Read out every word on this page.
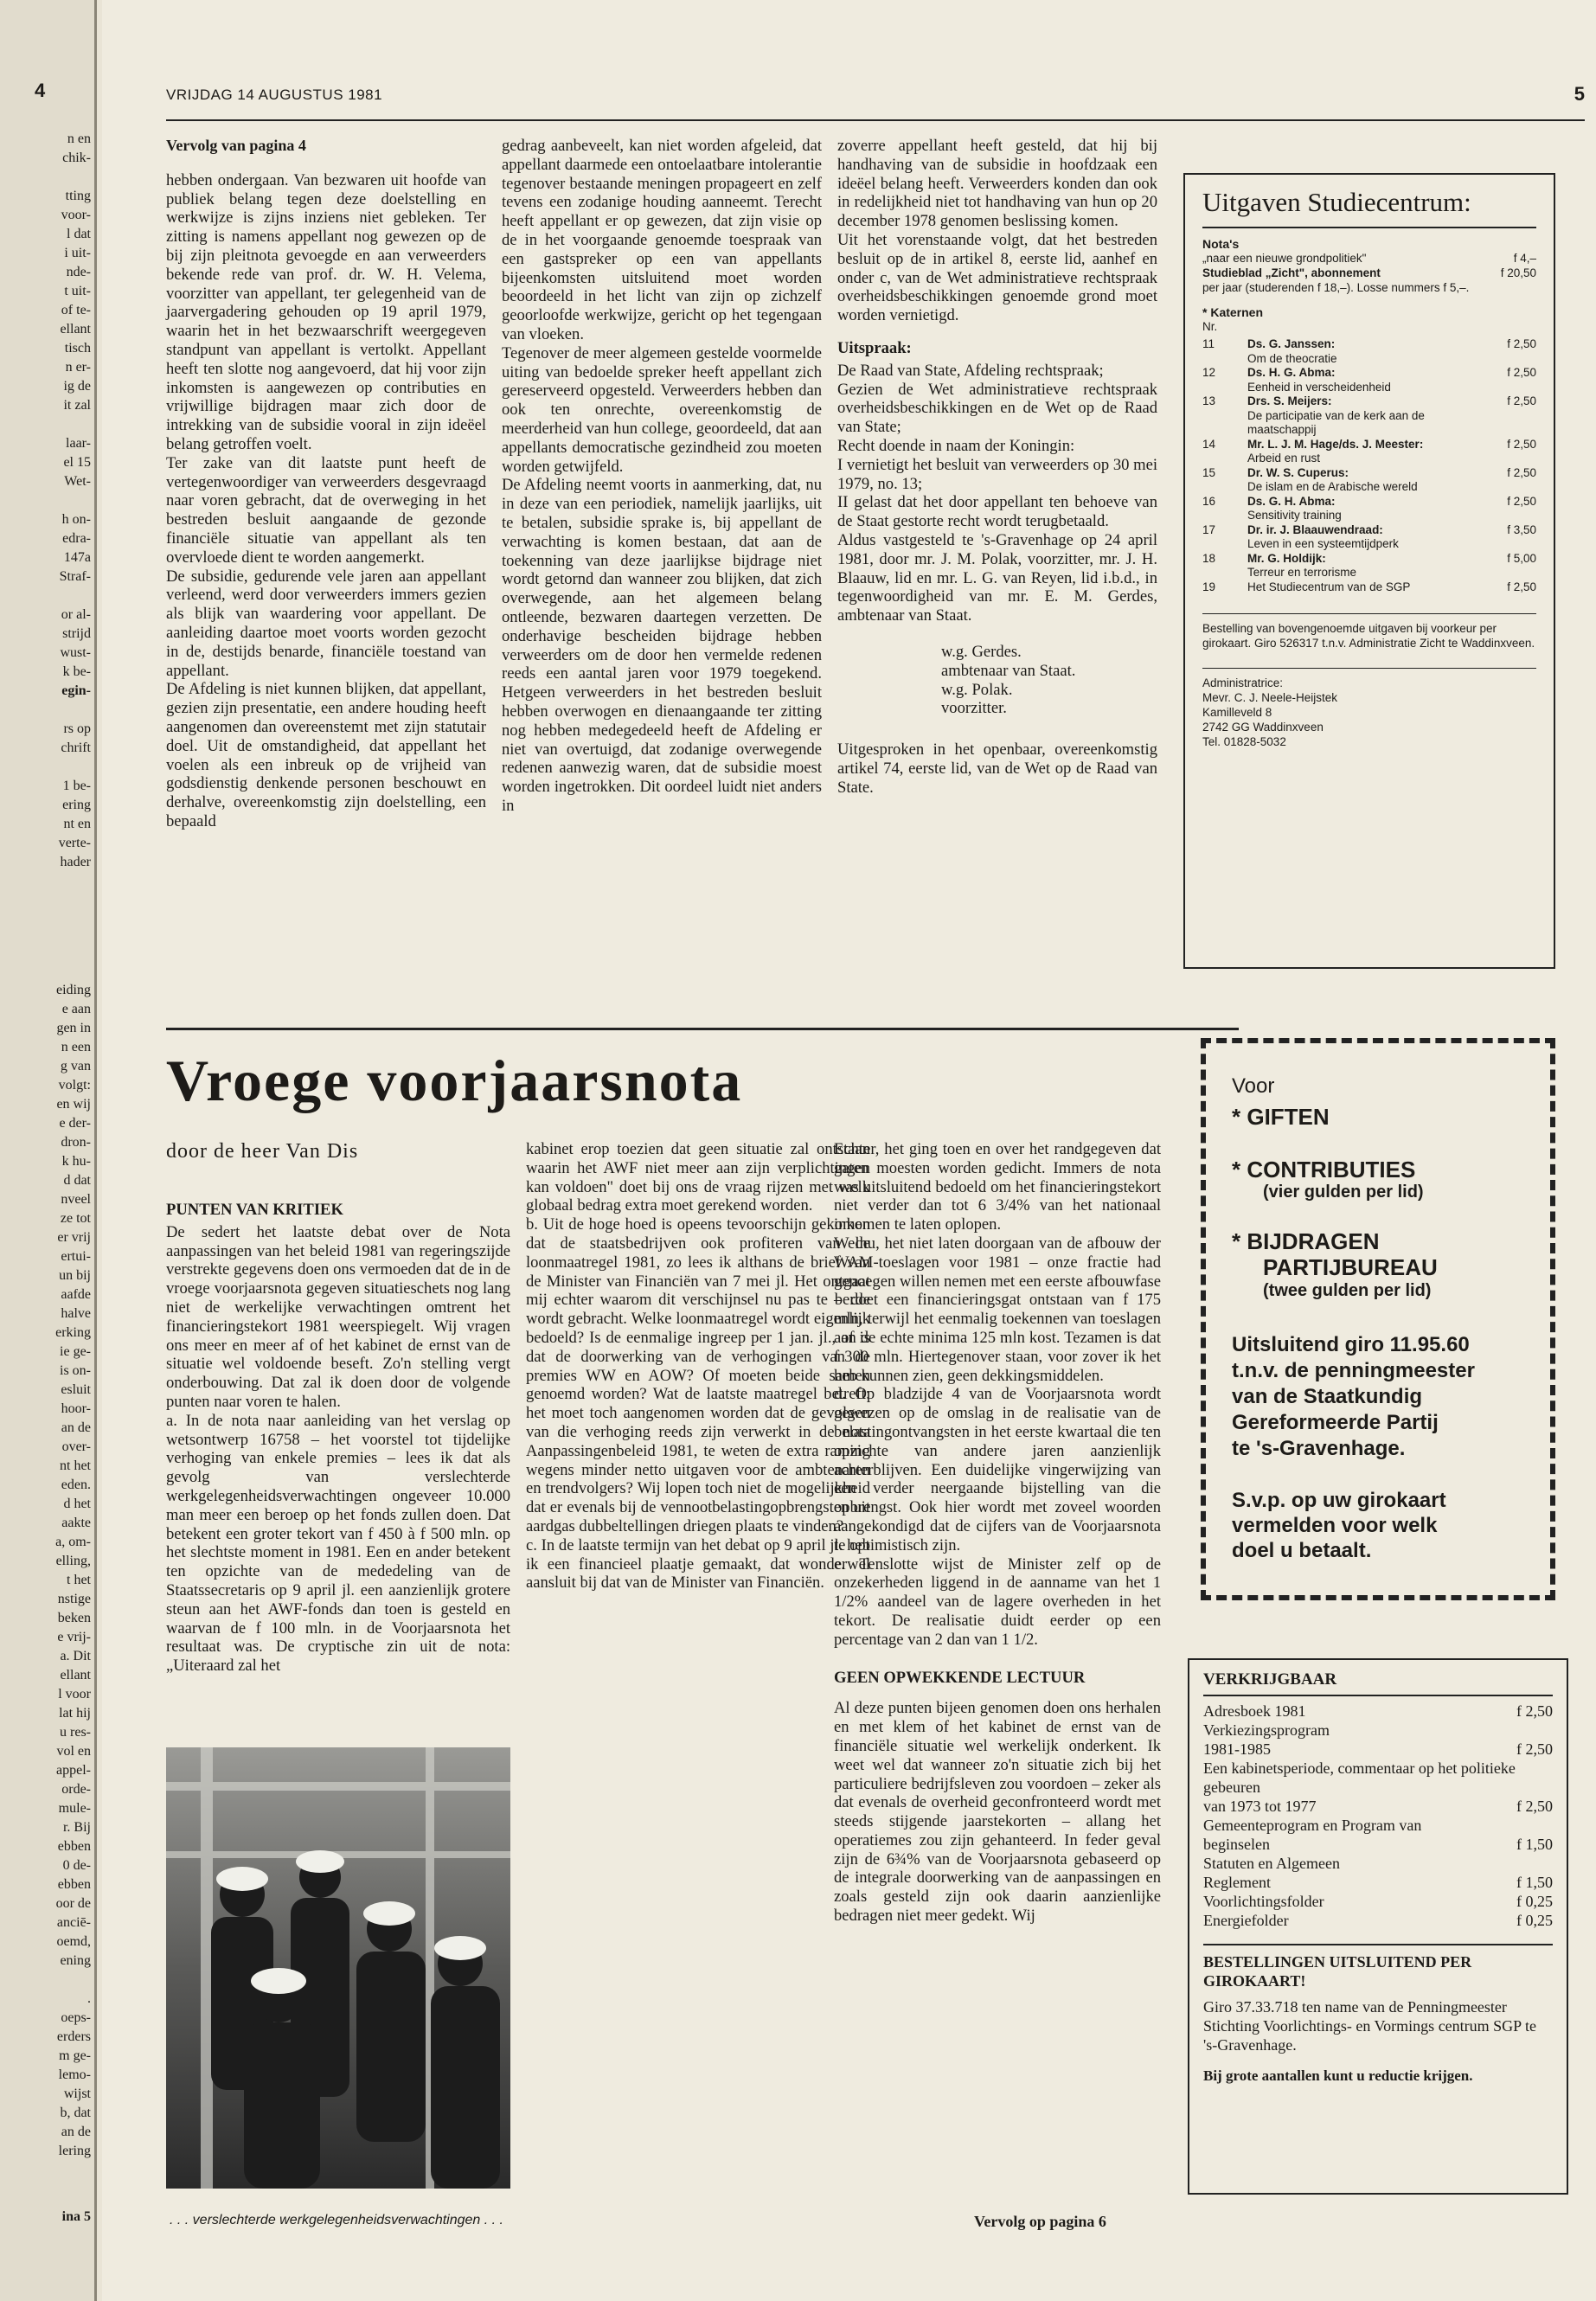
4
n en
chik-
tting
voor-
l dat
i uit-
nde-
t uit-
of te-
ellant
tisch
n er-
ig de
it zal
laar-
el 15
Wet-
h on-
edra-
147a
Straf-
or al-
strijd
wust-
k be-
egin-
rs op
chrift
1 be-
ering
nt en
verte-
hader
eiding
e aan
gen in
n een
g van
volgt:
en wij
e der-
dron-
k hu-
d dat
nveel
ze tot
er vrij
ertui-
un bij
aafde
halve
erking
ie ge-
is on-
esluit
hoor-
an de
over-
nt het
eden.
d het
aakte
a, om-
elling,
t het
nstige
beken
e vrij-
a. Dit
ellant
l voor
lat hij
u res-
vol en
appel-
orde-
mule-
r. Bij
ebben
0 de-
ebben
oor de
anciē-
oemd,
ening
.
oeps-
erders
m ge-
lemo-
wijst
b, dat
an de
lering
ina 5
VRIJDAG 14 AUGUSTUS 1981	5
Vervolg van pagina 4

hebben ondergaan. Van bezwaren uit hoofde van publiek belang tegen deze doelstelling en werkwijze is zijns inziens niet gebleken. Ter zitting is namens appellant nog gewezen op de bij zijn pleitnota gevoegde en aan verweerders bekende rede van prof. dr. W. H. Velema, voorzitter van appellant, ter gelegenheid van de jaarvergadering gehouden op 19 april 1979, waarin het in het bezwaarschrift weergegeven standpunt van appellant is vertolkt. Appellant heeft ten slotte nog aangevoerd, dat hij voor zijn inkomsten is aangewezen op contributies en vrijwillige bijdragen maar zich door de intrekking van de subsidie vooral in zijn ideëel belang getroffen voelt.

Ter zake van dit laatste punt heeft de vertegenwoordiger van verweerders desgevraagd naar voren gebracht, dat de overweging in het bestreden besluit aangaande de gezonde financiële situatie van appellant als ten overvloede dient te worden aangemerkt.

De subsidie, gedurende vele jaren aan appellant verleend, werd door verweerders immers gezien als blijk van waardering voor appellant. De aanleiding daartoe moet voorts worden gezocht in de, destijds benarde, financiële toestand van appellant.

De Afdeling is niet kunnen blijken, dat appellant, gezien zijn presentatie, een andere houding heeft aangenomen dan overeenstemt met zijn statutair doel. Uit de omstandigheid, dat appellant het voelen als een inbreuk op de vrijheid van godsdienstig denkende personen beschouwt en derhalve, overeenkomstig zijn doelstelling, een bepaald

gedrag aanbeveelt, kan niet worden afgeleid, dat appellant daarmede een ontoelaatbare intolerantie tegenover bestaande meningen propageert en zelf tevens een zodanige houding aanneemt. Terecht heeft appellant er op gewezen, dat zijn visie op de in het voorgaande genoemde toespraak van een gastspreker op een van appellants bijeenkomsten uitsluitend moet worden beoordeeld in het licht van zijn op zichzelf geoorloofde werkwijze, gericht op het tegengaan van vloeken.

Tegenover de meer algemeen gestelde voormelde uiting van bedoelde spreker heeft appellant zich gereserveerd opgesteld. Verweerders hebben dan ook ten onrechte, overeenkomstig de meerderheid van hun college, geoordeeld, dat aan appellants democratische gezindheid zou moeten worden getwijfeld.

De Afdeling neemt voorts in aanmerking, dat, nu in deze van een periodiek, namelijk jaarlijks, uit te betalen, subsidie sprake is, bij appellant de verwachting is komen bestaan, dat aan de toekenning van deze jaarlijkse bijdrage niet wordt getornd dan wanneer zou blijken, dat zich overwegende, aan het algemeen belang ontleende, bezwaren daartegen verzetten. De onderhavige bescheiden bijdrage hebben verweerders om de door hen vermelde redenen reeds een aantal jaren voor 1979 toegekend. Hetgeen verweerders in het bestreden besluit hebben overwogen en dienaangaande ter zitting nog hebben medegedeeld heeft de Afdeling er niet van overtuigd, dat zodanige overwegende redenen aanwezig waren, dat de subsidie moest worden ingetrokken. Dit oordeel luidt niet anders in

zoverre appellant heeft gesteld, dat hij bij handhaving van de subsidie in hoofdzaak een ideëel belang heeft. Verweerders konden dan ook in redelijkheid niet tot handhaving van hun op 20 december 1978 genomen beslissing komen.

Uit het vorenstaande volgt, dat het bestreden besluit op de in artikel 8, eerste lid, aanhef en onder c, van de Wet administratieve rechtspraak overheidsbeschikkingen genoemde grond moet worden vernietigd.

Uitspraak:

De Raad van State, Afdeling rechtspraak;

Gezien de Wet administratieve rechtspraak overheidsbeschikkingen en de Wet op de Raad van State;

Recht doende in naam der Koningin:

I vernietigt het besluit van verweerders op 30 mei 1979, no. 13;

II gelast dat het door appellant ten behoeve van de Staat gestorte recht wordt terugbetaald.

Aldus vastgesteld te 's-Gravenhage op 24 april 1981, door mr. J. M. Polak, voorzitter, mr. J. H. Blaauw, lid en mr. L. G. van Reyen, lid i.b.d., in tegenwoordigheid van mr. E. M. Gerdes, ambtenaar van Staat.

w.g. Gerdes.
ambtenaar van Staat.
w.g. Polak.
voorzitter.

Uitgesproken in het openbaar, overeenkomstig artikel 74, eerste lid, van de Wet op de Raad van State.

Uitgaven Studiecentrum:
Nota's
„naar een nieuwe grondpolitiek"	f 4,–
Studieblad „Zicht", abonnement	f 20,50
per jaar (studerenden f 18,–). Losse nummers f 5,–.
* Katernen
Nr.
11	Ds. G. Janssen:
Om de theocratie	f 2,50
12	Ds. H. G. Abma:
Eenheid in verscheidenheid	f 2,50
13	Drs. S. Meijers:
De participatie van de kerk aan de maatschappij	f 2,50
14	Mr. L. J. M. Hage/ds. J. Meester:
Arbeid en rust	f 2,50
15	Dr. W. S. Cuperus:
De islam en de Arabische wereld	f 2,50
16	Ds. G. H. Abma:
Sensitivity training	f 2,50
17	Dr. ir. J. Blaauwendraad:
Leven in een systeemtijdperk	f 3,50
18	Mr. G. Holdijk:
Terreur en terrorisme	f 5,00
19	Het Studiecentrum van de SGP	f 2,50
Bestelling van bovengenoemde uitgaven bij voorkeur per girokaart. Giro 526317 t.n.v. Administratie Zicht te Waddinxveen.
Administratrice:
Mevr. C. J. Neele-Heijstek
Kamilleveld 8
2742 GG Waddinxveen
Tel. 01828-5032
Vroege voorjaarsnota
door de heer Van Dis
PUNTEN VAN KRITIEK

De sedert het laatste debat over de Nota aanpassingen van het beleid 1981 van regeringszijde verstrekte gegevens doen ons vermoeden dat de in de vroege voorjaarsnota gegeven situatieschets nog lang niet de werkelijke verwachtingen omtrent het financieringstekort 1981 weerspiegelt. Wij vragen ons meer en meer af of het kabinet de ernst van de situatie wel voldoende beseft. Zo'n stelling vergt onderbouwing. Dat zal ik doen door de volgende punten naar voren te halen.

a. In de nota naar aanleiding van het verslag op wetsontwerp 16758 – het voorstel tot tijdelijke verhoging van enkele premies – lees ik dat als gevolg van verslechterde werkgelegenheidsverwachtingen ongeveer 10.000 man meer een beroep op het fonds zullen doen. Dat betekent een groter tekort van f 450 à f 500 mln. op het slechtste moment in 1981. Een en ander betekent ten opzichte van de mededeling van de Staatssecretaris op 9 april jl. een aanzienlijk grotere steun aan het AWF-fonds dan toen is gesteld en waarvan de f 100 mln. in de Voorjaarsnota het resultaat was. De cryptische zin uit de nota: „Uiteraard zal het

kabinet erop toezien dat geen situatie zal ontstaan waarin het AWF niet meer aan zijn verplichtingen kan voldoen" doet bij ons de vraag rijzen met welk globaal bedrag extra moet gerekend worden.

b. Uit de hoge hoed is opeens tevoorschijn gekomen dat de staatsbedrijven ook profiteren van de loonmaatregel 1981, zo lees ik althans de brief van de Minister van Financiën van 7 mei jl. Het ontgaat mij echter waarom dit verschijnsel nu pas te berde wordt gebracht. Welke loonmaatregel wordt eigenlijk bedoeld? Is de eenmalige ingreep per 1 jan. jl., of is dat de doorwerking van de verhogingen van de premies WW en AOW? Of moeten beide samen genoemd worden? Wat de laatste maatregel betreft: het moet toch aangenomen worden dat de gevolgen van die verhoging reeds zijn verwerkt in de nota Aanpassingenbeleid 1981, te weten de extra raming wegens minder netto uitgaven voor de ambtenaren en trendvolgers? Wij lopen toch niet de mogelijkheid dat er evenals bij de vennootbelastingopbrengsten uit aardgas dubbeltellingen driegen plaats te vinden?

c. In de laatste termijn van het debat op 9 april jl. heb ik een financieel plaatje gemaakt, dat wonderwel aansluit bij dat van de Minister van Financiën.

Echter, het ging toen en over het randgegeven dat gaten moesten worden gedicht. Immers de nota was uitsluitend bedoeld om het financieringstekort niet verder dan tot 6 3/4% van het nationaal inkomen te laten oplopen.

Welnu, het niet laten doorgaan van de afbouw der WAM-toeslagen voor 1981 – onze fractie had genoegen willen nemen met een eerste afbouwfase – doet een financieringsgat ontstaan van f 175 mln, terwijl het eenmalig toekennen van toeslagen aan de echte minima 125 mln kost. Tezamen is dat f 300 mln. Hiertegenover staan, voor zover ik het heb kunnen zien, geen dekkingsmiddelen.

d. Op bladzijde 4 van de Voorjaarsnota wordt gewezen op de omslag in de realisatie van de belastingontvangsten in het eerste kwartaal die ten opzichte van andere jaren aanzienlijk achterblijven. Een duidelijke vingerwijzing van een verder neergaande bijstelling van die opbrengst. Ook hier wordt met zoveel woorden aangekondigd dat de cijfers van de Voorjaarsnota te optimistisch zijn.

e. Tenslotte wijst de Minister zelf op de onzekerheden liggend in de aanname van het 1 1/2% aandeel van de lagere overheden in het tekort. De realisatie duidt eerder op een percentage van 2 dan van 1 1/2.

GEEN OPWEKKENDE LECTUUR

Al deze punten bijeen genomen doen ons herhalen en met klem of het kabinet de ernst van de financiële situatie wel werkelijk onderkent. Ik weet wel dat wanneer zo'n situatie zich bij het particuliere bedrijfsleven zou voordoen – zeker als dat evenals de overheid geconfronteerd wordt met steeds stijgende jaarstekorten – allang het operatiemes zou zijn gehanteerd. In feder geval zijn de 6¾% van de Voorjaarsnota gebaseerd op de integrale doorwerking van de aanpassingen en zoals gesteld zijn ook daarin aanzienlijke bedragen niet meer gedekt. Wij

. . . verslechterde werkgelegenheidsverwachtingen . . .	Vervolg op pagina 6
Voor
* GIFTEN
* CONTRIBUTIES
(vier gulden per lid)
* BIJDRAGEN
PARTIJBUREAU
(twee gulden per lid)
Uitsluitend giro 11.95.60
t.n.v. de penningmeester
van de Staatkundig
Gereformeerde Partij
te 's-Gravenhage.
S.v.p. op uw girokaart
vermelden voor welk
doel u betaalt.
VERKRIJGBAAR
Adresboek 1981	f 2,50
Verkiezingsprogram
1981-1985	f 2,50
Een kabinetsperiode, commentaar op het politieke gebeuren
van 1973 tot 1977	f 2,50
Gemeenteprogram en Program van
beginselen	f 1,50
Statuten en Algemeen
Reglement	f 1,50
Voorlichtingsfolder	f 0,25
Energiefolder	f 0,25
BESTELLINGEN UITSLUITEND PER GIROKAART!
Giro 37.33.718 ten name van de Penningmeester Stichting Voorlichtings- en Vormings centrum SGP te 's-Gravenhage.
Bij grote aantallen kunt u reductie krijgen.
